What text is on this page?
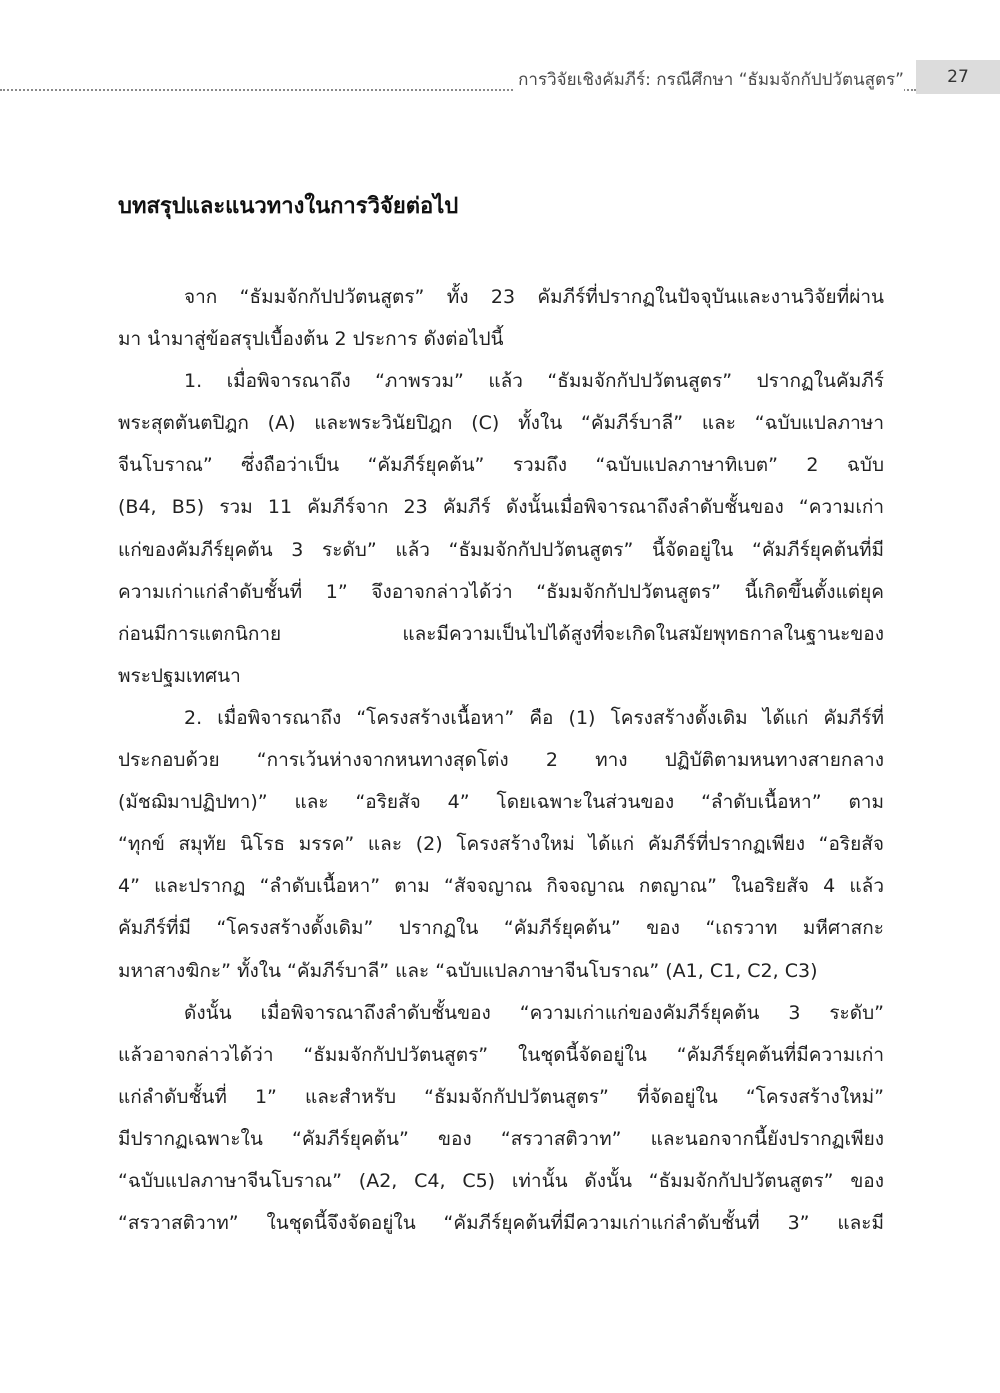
การวิจัยเชิงคัมภีร์: กรณีศึกษา “ธัมมจักกัปปวัตนสูตร”	27
บทสรุปและแนวทางในการวิจัยต่อไป
จาก “ธัมมจักกัปปวัตนสูตร” ทั้ง 23 คัมภีร์ที่ปรากฏในปัจจุบันและงานวิจัยที่ผ่าน
มา นำมาสู่ข้อสรุปเบื้องต้น 2 ประการ ดังต่อไปนี้
1. เมื่อพิจารณาถึง “ภาพรวม” แล้ว “ธัมมจักกัปปวัตนสูตร” ปรากฏในคัมภีร์
พระสุตตันตปิฎก (A) และพระวินัยปิฎก (C) ทั้งใน “คัมภีร์บาลี” และ “ฉบับแปลภาษา
จีนโบราณ” ซึ่งถือว่าเป็น “คัมภีร์ยุคต้น” รวมถึง “ฉบับแปลภาษาทิเบต” 2 ฉบับ
(B4, B5) รวม 11 คัมภีร์จาก 23 คัมภีร์ ดังนั้นเมื่อพิจารณาถึงลำดับชั้นของ “ความเก่า
แก่ของคัมภีร์ยุคต้น 3 ระดับ” แล้ว “ธัมมจักกัปปวัตนสูตร” นี้จัดอยู่ใน “คัมภีร์ยุคต้นที่มี
ความเก่าแก่ลำดับชั้นที่ 1” จึงอาจกล่าวได้ว่า “ธัมมจักกัปปวัตนสูตร” นี้เกิดขึ้นตั้งแต่ยุค
ก่อนมีการแตกนิกาย และมีความเป็นไปได้สูงที่จะเกิดในสมัยพุทธกาลในฐานะของ
พระปฐมเทศนา
2. เมื่อพิจารณาถึง “โครงสร้างเนื้อหา” คือ (1) โครงสร้างดั้งเดิม ได้แก่ คัมภีร์ที่
ประกอบด้วย “การเว้นห่างจากหนทางสุดโต่ง 2 ทาง ปฏิบัติตามหนทางสายกลาง
(มัชฌิมาปฏิปทา)” และ “อริยสัจ 4” โดยเฉพาะในส่วนของ “ลำดับเนื้อหา” ตาม
“ทุกข์ สมุทัย นิโรธ มรรค” และ (2) โครงสร้างใหม่ ได้แก่ คัมภีร์ที่ปรากฏเพียง “อริยสัจ
4” และปรากฏ “ลำดับเนื้อหา” ตาม “สัจจญาณ กิจจญาณ กตญาณ” ในอริยสัจ 4 แล้ว
คัมภีร์ที่มี “โครงสร้างดั้งเดิม” ปรากฏใน “คัมภีร์ยุคต้น” ของ “เถรวาท มหีศาสกะ
มหาสางฆิกะ” ทั้งใน “คัมภีร์บาลี” และ “ฉบับแปลภาษาจีนโบราณ” (A1, C1, C2, C3)
ดังนั้น เมื่อพิจารณาถึงลำดับชั้นของ “ความเก่าแก่ของคัมภีร์ยุคต้น 3 ระดับ”
แล้วอาจกล่าวได้ว่า “ธัมมจักกัปปวัตนสูตร” ในชุดนี้จัดอยู่ใน “คัมภีร์ยุคต้นที่มีความเก่า
แก่ลำดับชั้นที่ 1” และสำหรับ “ธัมมจักกัปปวัตนสูตร” ที่จัดอยู่ใน “โครงสร้างใหม่”
มีปรากฏเฉพาะใน “คัมภีร์ยุคต้น” ของ “สรวาสติวาท” และนอกจากนี้ยังปรากฏเพียง
“ฉบับแปลภาษาจีนโบราณ” (A2, C4, C5) เท่านั้น ดังนั้น “ธัมมจักกัปปวัตนสูตร” ของ
“สรวาสติวาท” ในชุดนี้จึงจัดอยู่ใน “คัมภีร์ยุคต้นที่มีความเก่าแก่ลำดับชั้นที่ 3” และมี
